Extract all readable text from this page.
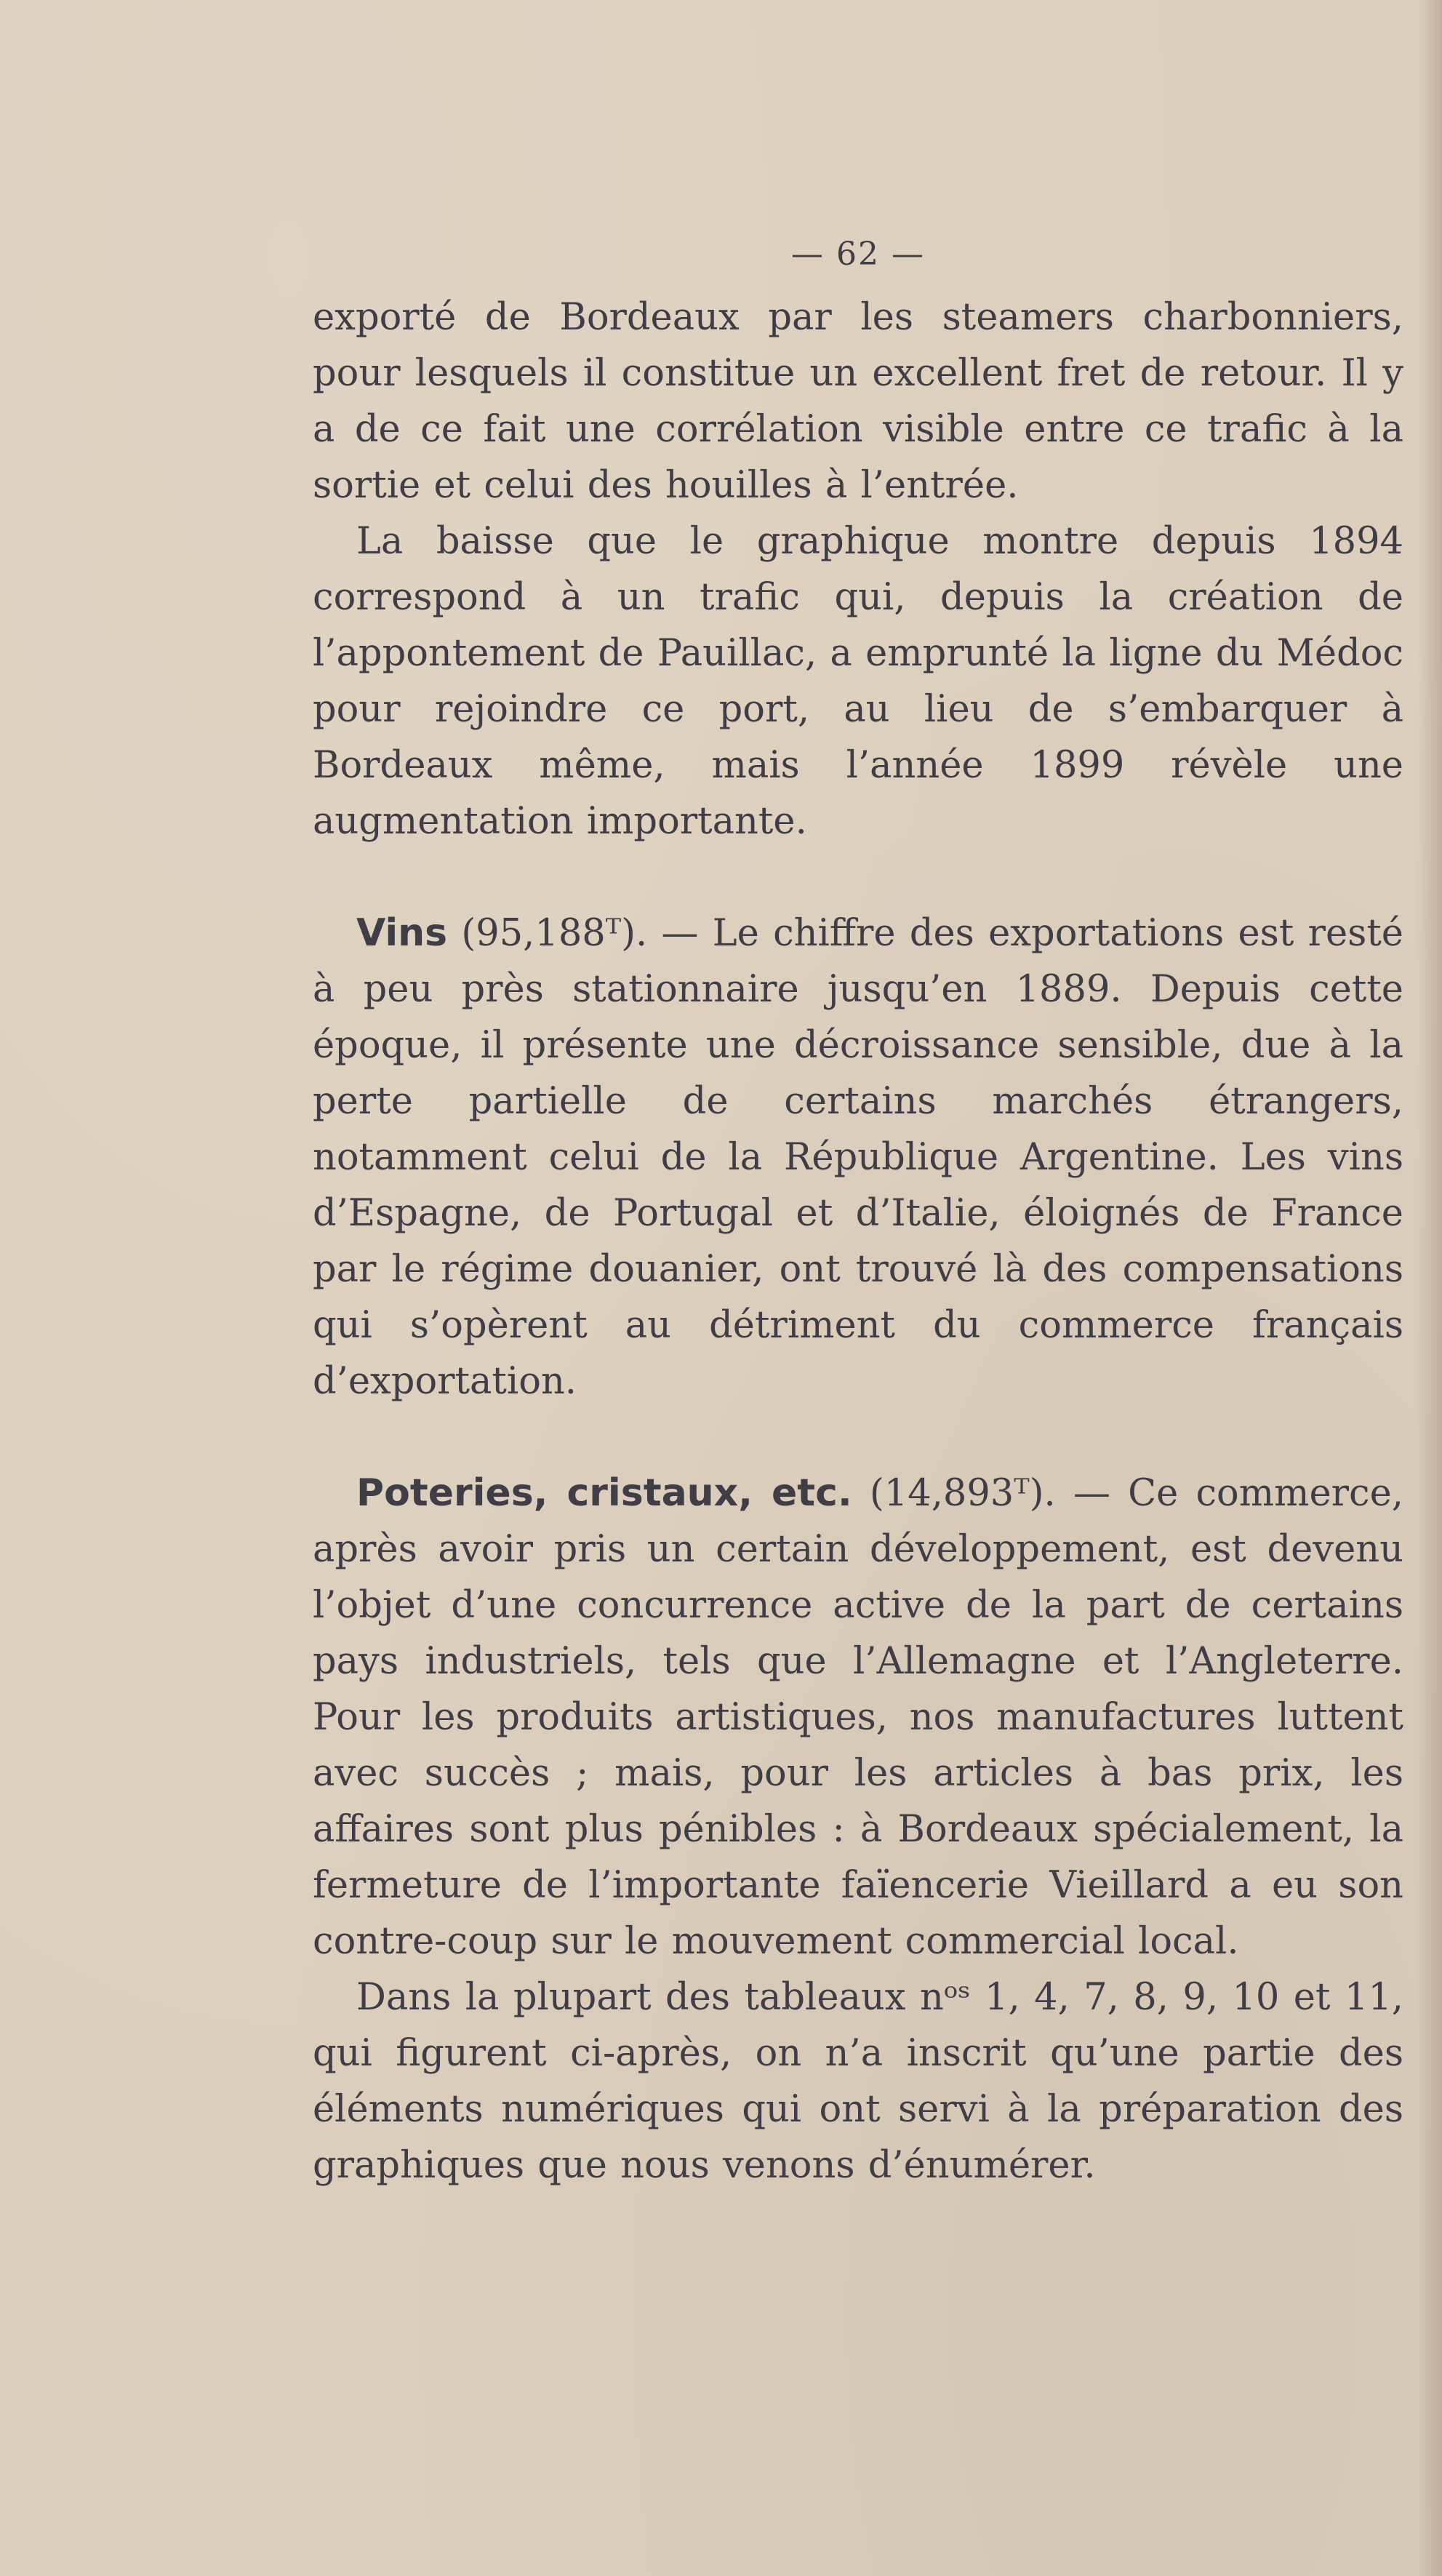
— 62 —

exporté de Bordeaux par les steamers charbonniers, pour lesquels il constitue un excellent fret de retour. Il y a de ce fait une corrélation visible entre ce trafic à la sortie et celui des houilles à l’entrée.

La baisse que le graphique montre depuis 1894 correspond à un trafic qui, depuis la création de l’appontement de Pauillac, a emprunté la ligne du Médoc pour rejoindre ce port, au lieu de s’embarquer à Bordeaux même, mais l’année 1899 révèle une augmentation importante.

Vins (95,188ᵀ). — Le chiffre des exportations est resté à peu près stationnaire jusqu’en 1889. Depuis cette époque, il présente une décroissance sensible, due à la perte partielle de certains marchés étrangers, notamment celui de la République Argentine. Les vins d’Espagne, de Portugal et d’Italie, éloignés de France par le régime douanier, ont trouvé là des compensations qui s’opèrent au détriment du commerce français d’exportation.

Poteries, cristaux, etc. (14,893ᵀ). — Ce commerce, après avoir pris un certain développement, est devenu l’objet d’une concurrence active de la part de certains pays industriels, tels que l’Allemagne et l’Angleterre. Pour les produits artistiques, nos manufactures luttent avec succès ; mais, pour les articles à bas prix, les affaires sont plus pénibles : à Bordeaux spécialement, la fermeture de l’importante faïencerie Vieillard a eu son contre-coup sur le mouvement commercial local.

Dans la plupart des tableaux nᵒˢ 1, 4, 7, 8, 9, 10 et 11, qui figurent ci-après, on n’a inscrit qu’une partie des éléments numériques qui ont servi à la préparation des graphiques que nous venons d’énumérer.
